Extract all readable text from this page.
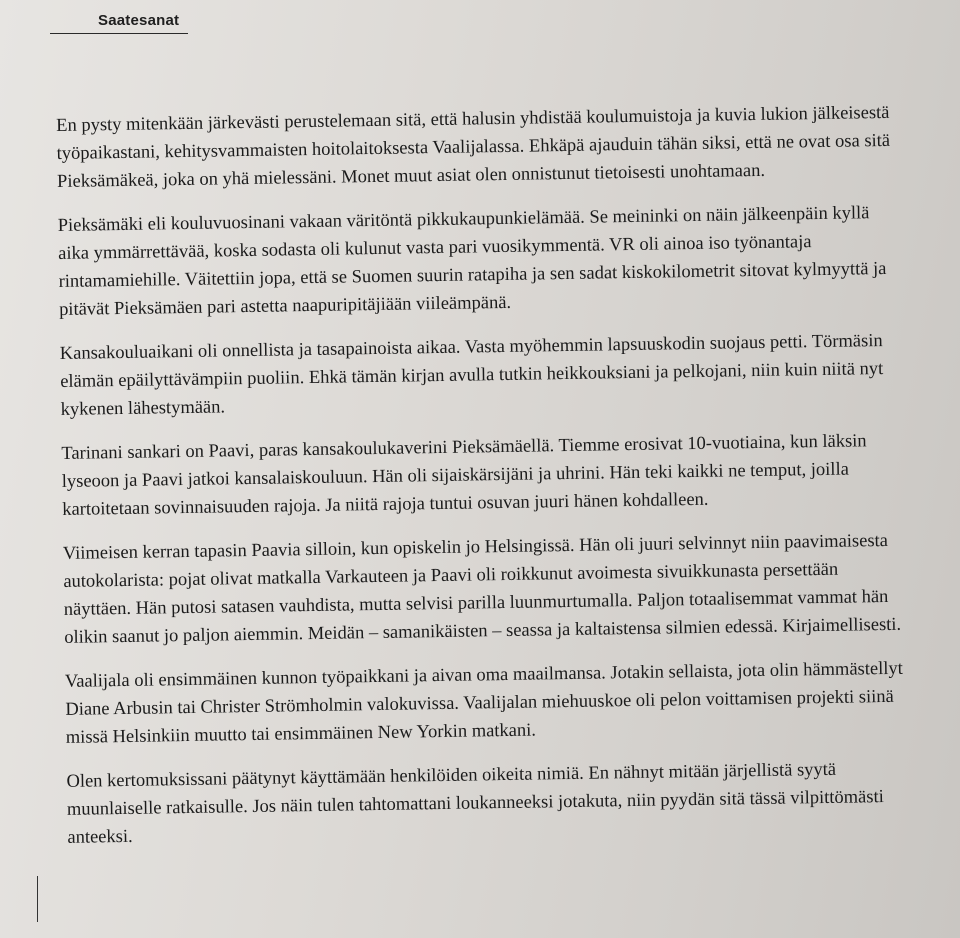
Saatesanat

En pysty mitenkään järkevästi perustelemaan sitä, että halusin yhdistää koulumuistoja ja kuvia lukion jälkeisestä
työpaikastani, kehitysvammaisten hoitolaitoksesta Vaalijalassa. Ehkäpä ajauduin tähän siksi, että ne ovat osa sitä
Pieksämäkeä, joka on yhä mielessäni. Monet muut asiat olen onnistunut tietoisesti unohtamaan.

Pieksämäki eli kouluvuosinani vakaan väritöntä pikkukaupunkielämää. Se meininki on näin jälkeenpäin kyllä
aika ymmärrettävää, koska sodasta oli kulunut vasta pari vuosikymmentä. VR oli ainoa iso työnantaja
rintamamiehille. Väitettiin jopa, että se Suomen suurin ratapiha ja sen sadat kiskokilometrit sitovat kylmyyttä ja
pitävät Pieksämäen pari astetta naapuripitäjiään viileämpänä.

Kansakouluaikani oli onnellista ja tasapainoista aikaa. Vasta myöhemmin lapsuuskodin suojaus petti. Törmäsin
elämän epäilyttävämpiin puoliin. Ehkä tämän kirjan avulla tutkin heikkouksiani ja pelkojani, niin kuin niitä nyt
kykenen lähestymään.

Tarinani sankari on Paavi, paras kansakoulukaverini Pieksämäellä. Tiemme erosivat 10-vuotiaina, kun läksin
lyseoon ja Paavi jatkoi kansalaiskouluun. Hän oli sijaiskärsijäni ja uhrini. Hän teki kaikki ne temput, joilla
kartoitetaan sovinnaisuuden rajoja. Ja niitä rajoja tuntui osuvan juuri hänen kohdalleen.

Viimeisen kerran tapasin Paavia silloin, kun opiskelin jo Helsingissä. Hän oli juuri selvinnyt niin paavimaisesta
autokolarista: pojat olivat matkalla Varkauteen ja Paavi oli roikkunut avoimesta sivuikkunasta persettään
näyttäen. Hän putosi satasen vauhdista, mutta selvisi parilla luunmurtumalla. Paljon totaalisemmat vammat hän
olikin saanut jo paljon aiemmin. Meidän – samanikäisten – seassa ja kaltaistensa silmien edessä. Kirjaimellisesti.

Vaalijala oli ensimmäinen kunnon työpaikkani ja aivan oma maailmansa. Jotakin sellaista, jota olin hämmästellyt
Diane Arbusin tai Christer Strömholmin valokuvissa. Vaalijalan miehuuskoe oli pelon voittamisen projekti siinä
missä Helsinkiin muutto tai ensimmäinen New Yorkin matkani.

Olen kertomuksissani päätynyt käyttämään henkilöiden oikeita nimiä. En nähnyt mitään järjellistä syytä
muunlaiselle ratkaisulle. Jos näin tulen tahtomattani loukanneeksi jotakuta, niin pyydän sitä tässä vilpittömästi
anteeksi.
